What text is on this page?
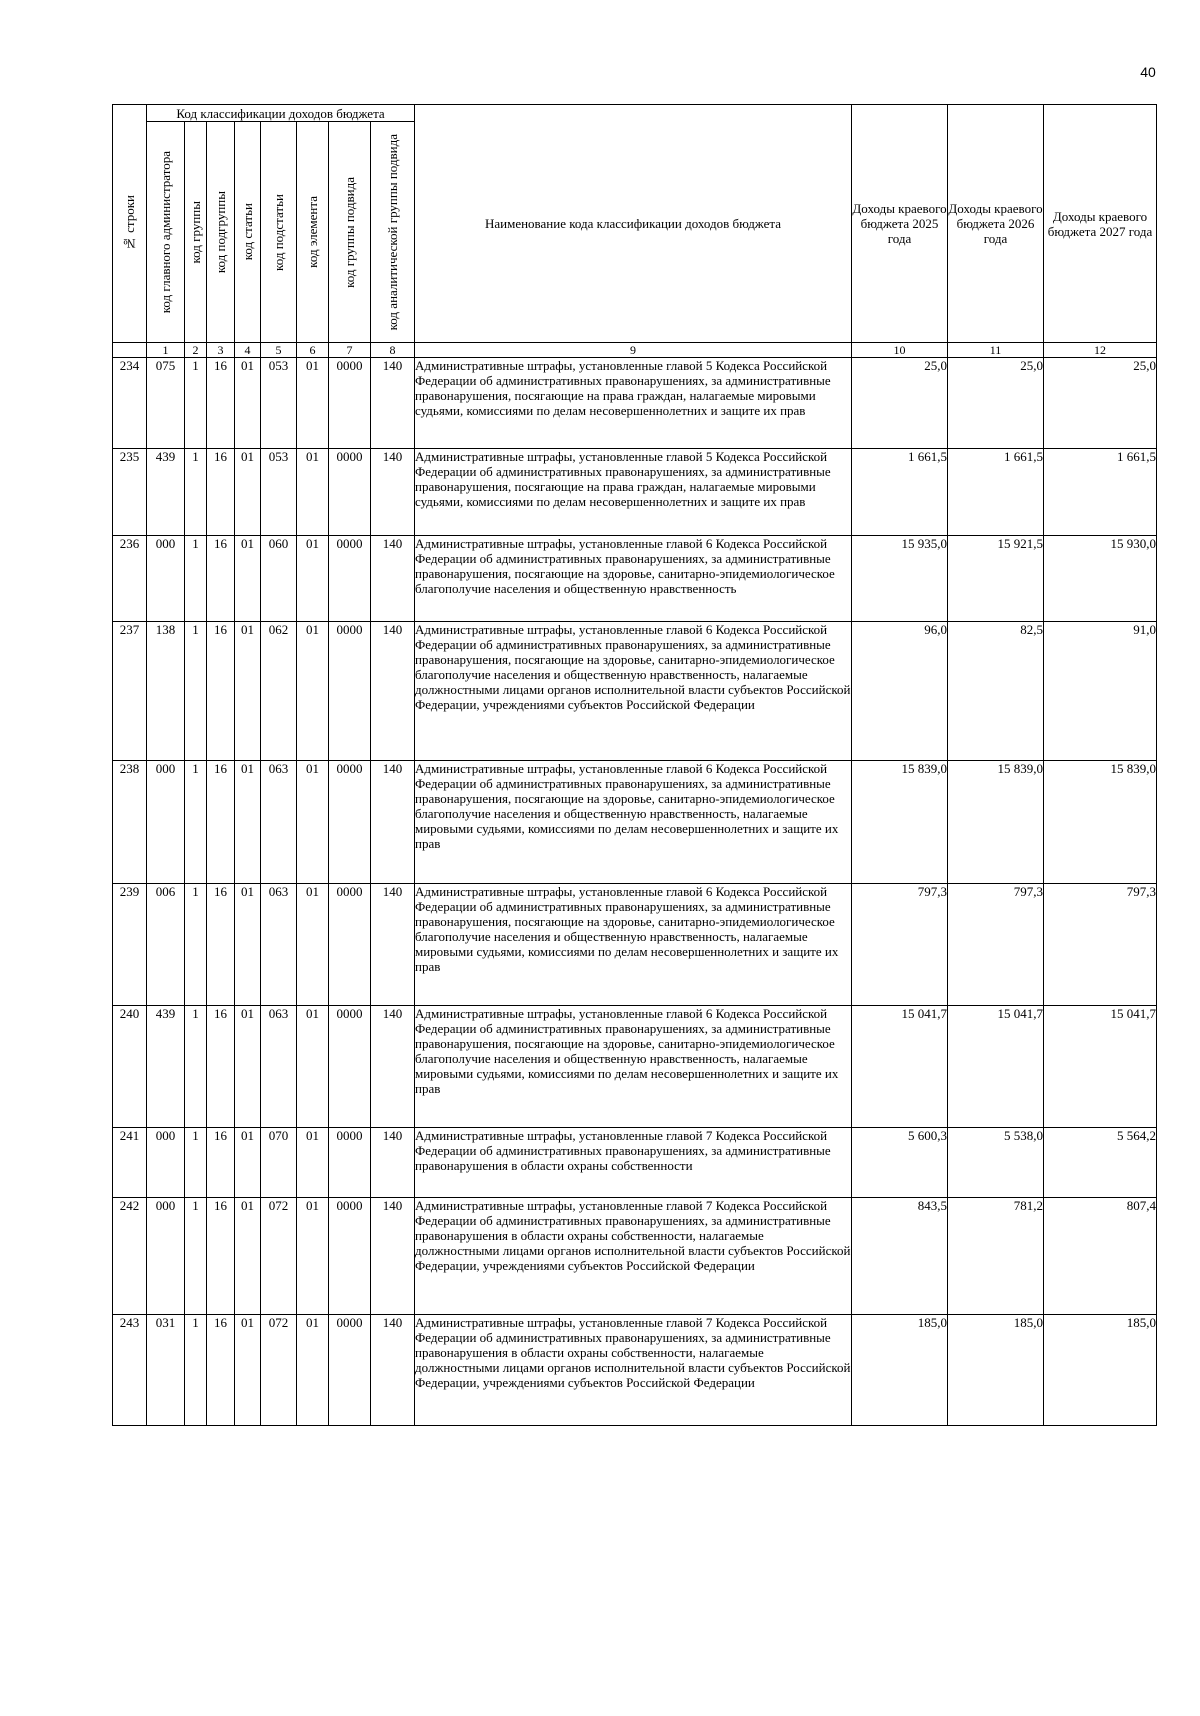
40
№ строки	Код классификации доходов бюджета								Наименование кода классификации доходов бюджета	Доходы краевого бюджета 2025 года	Доходы краевого бюджета 2026 года	Доходы краевого бюджета 2027 года

	код главного администратора	код группы	код подгруппы	код статьи	код подстатьи	код элемента	код группы подвида	код аналитической группы подвида				

	1	2	3	4	5	6	7	8	9	10	11	12
234	075	1	16	01	053	01	0000	140	Административные штрафы, установленные главой 5 Кодекса Российской Федерации об административных правонарушениях, за административные правонарушения, посягающие на права граждан, налагаемые мировыми судьями, комиссиями по делам несовершеннолетних и защите их прав	25,0	25,0	25,0
235	439	1	16	01	053	01	0000	140	Административные штрафы, установленные главой 5 Кодекса Российской Федерации об административных правонарушениях, за административные правонарушения, посягающие на права граждан, налагаемые мировыми судьями, комиссиями по делам несовершеннолетних и защите их прав	1 661,5	1 661,5	1 661,5
236	000	1	16	01	060	01	0000	140	Административные штрафы, установленные главой 6 Кодекса Российской Федерации об административных правонарушениях, за административные правонарушения, посягающие на здоровье, санитарно-эпидемиологическое благополучие населения и общественную нравственность	15 935,0	15 921,5	15 930,0
237	138	1	16	01	062	01	0000	140	Административные штрафы, установленные главой 6 Кодекса Российской Федерации об административных правонарушениях, за административные правонарушения, посягающие на здоровье, санитарно-эпидемиологическое благополучие населения и общественную нравственность, налагаемые должностными лицами органов исполнительной власти субъектов Российской Федерации, учреждениями субъектов Российской Федерации	96,0	82,5	91,0
238	000	1	16	01	063	01	0000	140	Административные штрафы, установленные главой 6 Кодекса Российской Федерации об административных правонарушениях, за административные правонарушения, посягающие на здоровье, санитарно-эпидемиологическое благополучие населения и общественную нравственность, налагаемые мировыми судьями, комиссиями по делам несовершеннолетних и защите их прав	15 839,0	15 839,0	15 839,0
239	006	1	16	01	063	01	0000	140	Административные штрафы, установленные главой 6 Кодекса Российской Федерации об административных правонарушениях, за административные правонарушения, посягающие на здоровье, санитарно-эпидемиологическое благополучие населения и общественную нравственность, налагаемые мировыми судьями, комиссиями по делам несовершеннолетних и защите их прав	797,3	797,3	797,3
240	439	1	16	01	063	01	0000	140	Административные штрафы, установленные главой 6 Кодекса Российской Федерации об административных правонарушениях, за административные правонарушения, посягающие на здоровье, санитарно-эпидемиологическое благополучие населения и общественную нравственность, налагаемые мировыми судьями, комиссиями по делам несовершеннолетних и защите их прав	15 041,7	15 041,7	15 041,7
241	000	1	16	01	070	01	0000	140	Административные штрафы, установленные главой 7 Кодекса Российской Федерации об административных правонарушениях, за административные правонарушения в области охраны собственности	5 600,3	5 538,0	5 564,2
242	000	1	16	01	072	01	0000	140	Административные штрафы, установленные главой 7 Кодекса Российской Федерации об административных правонарушениях, за административные правонарушения в области охраны собственности, налагаемые должностными лицами органов исполнительной власти субъектов Российской Федерации, учреждениями субъектов Российской Федерации	843,5	781,2	807,4
243	031	1	16	01	072	01	0000	140	Административные штрафы, установленные главой 7 Кодекса Российской Федерации об административных правонарушениях, за административные правонарушения в области охраны собственности, налагаемые должностными лицами органов исполнительной власти субъектов Российской Федерации, учреждениями субъектов Российской Федерации	185,0	185,0	185,0
